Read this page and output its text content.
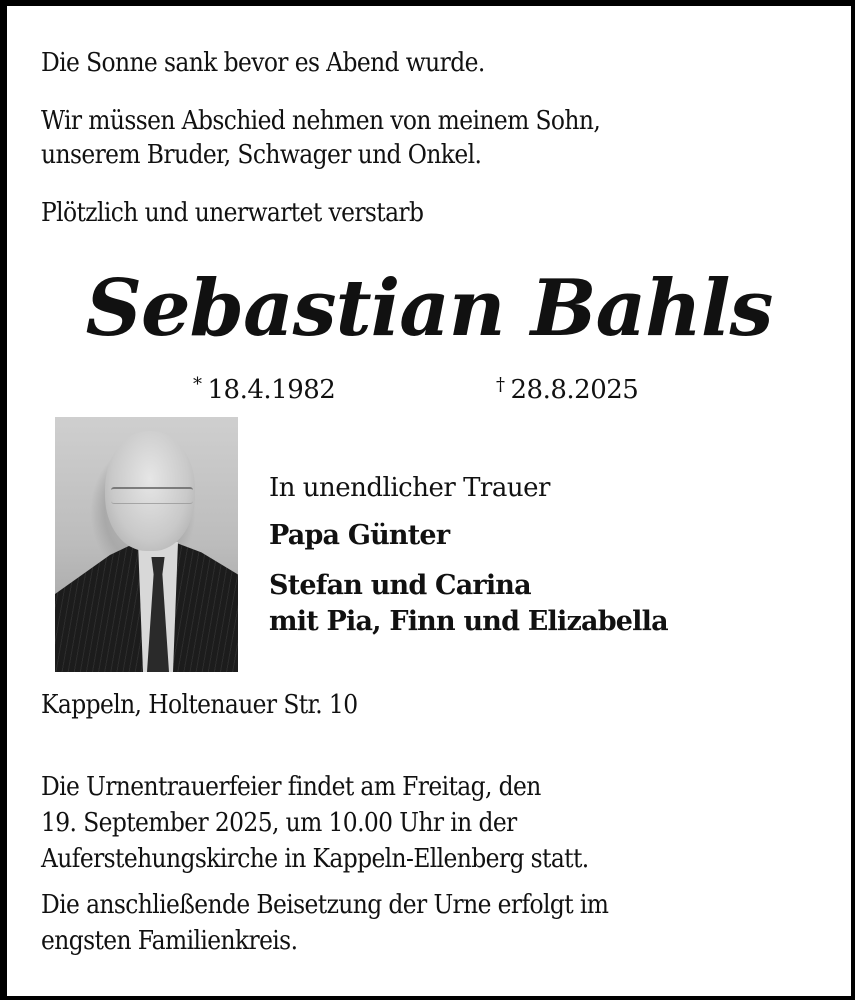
Die Sonne sank bevor es Abend wurde.

Wir müssen Abschied nehmen von meinem Sohn,

unserem Bruder, Schwager und Onkel.

Plötzlich und unerwartet verstarb

Sebastian Bahls
* 18.4.1982	† 28.8.2025

In unendlicher Trauer

Papa Günter

Stefan und Carina

mit Pia, Finn und Elizabella

Kappeln, Holtenauer Str. 10

Die Urnentrauerfeier findet am Freitag, den

19. September 2025, um 10.00 Uhr in der

Auferstehungskirche in Kappeln-Ellenberg statt.

Die anschließende Beisetzung der Urne erfolgt im

engsten Familienkreis.
